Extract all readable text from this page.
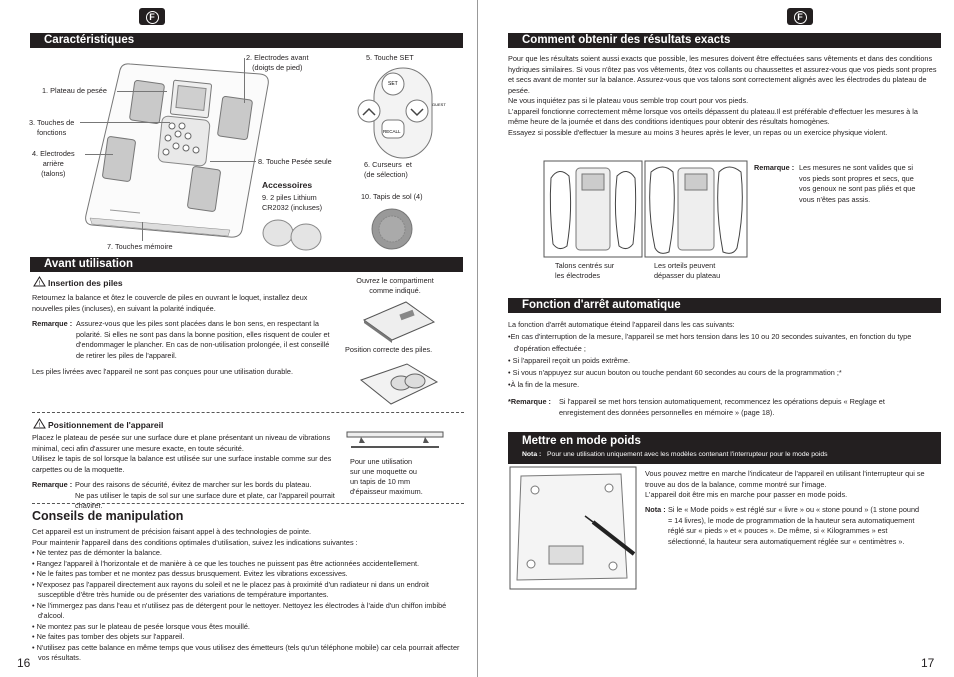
F
Caractéristiques
1. Plateau de pesée
2. Electrodes avant
(doigts de pied)
3. Touches de
fonctions
4. Electrodes
arrière
(talons)
8. Touche Pesée seule
7. Touches mémoire
Accessoires
9. 2 piles Lithium
CR2032 (incluses)
5. Touche SET
SET
RECALL
GUEST
6. Curseurs  et
(de sélection)
10. Tapis de sol (4)
Avant utilisation
! Insertion des piles
Retournez la balance et ôtez le couvercle de piles en ouvrant le loquet, installez deux nouvelles piles (incluses), en suivant la polarité indiquée.
Remarque : Assurez-vous que les piles sont placées dans le bon sens, en respectant la polarité. Si elles ne sont pas dans la bonne position, elles risquent de couler et d'endommager le plancher. En cas de non-utilisation prolongée, il est conseillé de retirer les piles de l'appareil.
Les piles livrées avec l'appareil ne sont pas conçues pour une utilisation durable.
Ouvrez le compartiment
comme indiqué.
Position correcte des piles.
! Positionnement de l'appareil
Placez le plateau de pesée sur une surface dure et plane présentant un niveau de vibrations minimal, ceci afin d'assurer une mesure exacte, en toute sécurité.
Utilisez le tapis de sol lorsque la balance est utilisée sur une surface instable comme sur des carpettes ou de la moquette.
Remarque : Pour des raisons de sécurité, évitez de marcher sur les bords du plateau.
Ne pas utiliser le tapis de sol sur une surface dure et plate, car l'appareil pourrait chavirer.
Pour une utilisation
sur une moquette ou
un tapis de 10 mm
d'épaisseur maximum.
Conseils de manipulation
Cet appareil est un instrument de précision faisant appel à des technologies de pointe.
Pour maintenir l'appareil dans des conditions optimales d'utilisation, suivez les indications suivantes :
• Ne tentez pas de démonter la balance.
• Rangez l'appareil à l'horizontale et de manière à ce que les touches ne puissent pas être actionnées accidentellement.
• Ne le faites pas tomber et ne montez pas dessus brusquement. Evitez les vibrations excessives.
• N'exposez pas l'appareil directement aux rayons du soleil et ne le placez pas à proximité d'un radiateur ni dans un endroit susceptible d'être très humide ou de présenter des variations de température importantes.
• Ne l'immergez pas dans l'eau et n'utilisez pas de détergent pour le nettoyer. Nettoyez les électrodes à l'aide d'un chiffon imbibé d'alcool.
• Ne montez pas sur le plateau de pesée lorsque vous êtes mouillé.
• Ne faites pas tomber des objets sur l'appareil.
• N'utilisez pas cette balance en même temps que vous utilisez des émetteurs (tels qu'un téléphone mobile) car cela pourrait affecter vos résultats.
16
F
Comment obtenir des résultats exacts
Pour que les résultats soient aussi exacts que possible, les mesures doivent être effectuées sans vêtements et dans des conditions hydriques similaires. Si vous n'ôtez pas vos vêtements, ôtez vos collants ou chaussettes et assurez-vous que vos pieds sont propres et secs avant de monter sur la balance. Assurez-vous que vos talons sont correctement alignés avec les électrodes du plateau de pesée.
Ne vous inquiétez pas si le plateau vous semble trop court pour vos pieds.
L'appareil fonctionne correctement même lorsque vos orteils dépassent du plateau.Il est préférable d'effectuer les mesures à la même heure de la journée et dans des conditions identiques pour obtenir des résultats homogènes.
Essayez si possible d'effectuer la mesure au moins 3 heures après le lever, un repas ou un exercice physique violent.
Talons centrés sur
les électrodes
Les orteils peuvent
dépasser du plateau
Remarque : Les mesures ne sont valides que si vos pieds sont propres et secs, que vos genoux ne sont pas pliés et que vous n'êtes pas assis.
Fonction d'arrêt automatique
La fonction d'arrêt automatique éteind l'appareil dans les cas suivants:
•En cas d'interruption de la mesure, l'appareil se met hors tension dans les 10 ou 20 secondes suivantes, en fonction du type d'opération effectuée ;
• Si l'appareil reçoit un poids extrême.
• Si vous n'appuyez sur aucun bouton ou touche pendant 60 secondes au cours de la programmation ;*
•À la fin de la mesure.
*Remarque : Si l'appareil se met hors tension automatiquement, recommencez les opérations depuis « Reglage et enregistement des données personnelles en mémoire » (page 18).
Mettre en mode poids
Nota : Pour une utilisation uniquement avec les modèles contenant l'interrupteur pour le mode poids
Vous pouvez mettre en marche l'indicateur de l'appareil en utilisant l'interrupteur qui se trouve au dos de la balance, comme montré sur l'image.
L'appareil doit être mis en marche pour passer en mode poids.
Nota : Si le « Mode poids » est réglé sur « livre » ou « stone pound » (1 stone pound = 14 livres), le mode de programmation de la hauteur sera automatiquement réglé sur « pieds » et « pouces ». De même, si « Kilogrammes » est sélectionné, la hauteur sera automatiquement réglée sur « centimètres ».
17
